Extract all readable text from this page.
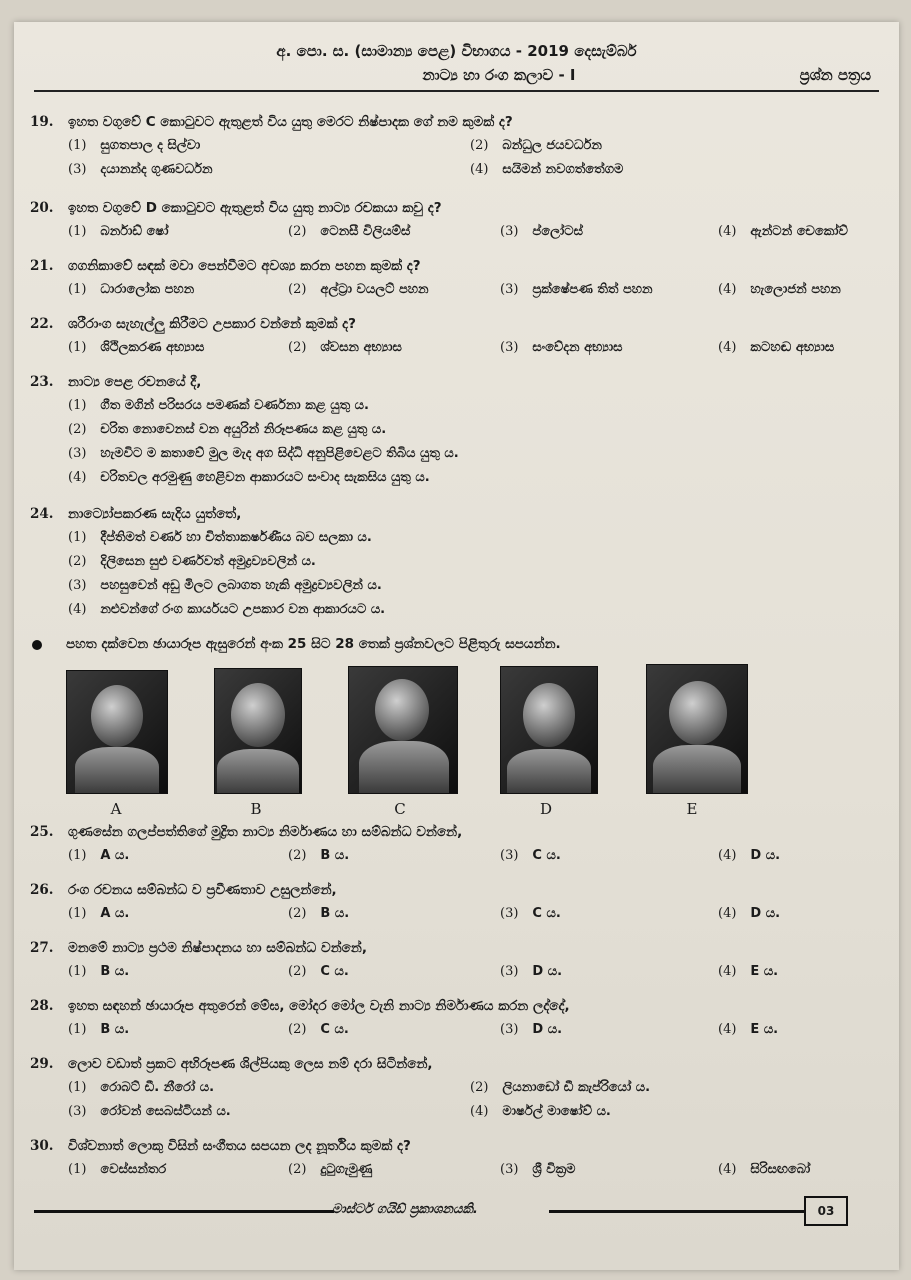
අ. පො. ස. (සාමාන්‍ය පෙළ) විභාගය - 2019 දෙසැම්බර්
නාට්‍ය හා රංග කලාව - I	ප්‍රශ්න පත්‍රය
19. ඉහත වගුවේ C කොටුවට ඇතුළත් විය යුතු මෙරට නිෂ්පාදක ගේ නම කුමක් ද?
(1) සුගතපාල ද සිල්වා	(2) බන්ධුල ජයවර්ධන
(3) දයානන්ද ගුණවර්ධන	(4) සයිමන් නවගත්තේගම
20. ඉහත වගුවේ D කොටුවට ඇතුළත් විය යුතු නාට්‍ය රචකයා කවු ද?
(1) බර්නාඩ් ෂෝ	(2) ටෙනසී විලියම්ස්	(3) ප්ලෝටස්	(4) ඇන්ටන් චෙකෝව්
21. ගගනිකාවේ සඳක් මවා පෙන්වීමට අවශ්‍ය කරන පහන කුමක් ද?
(1) ධාරාලෝක පහන	(2) අල්ට්‍රා වයලට් පහන	(3) ප්‍රක්ෂේපණ තිත් පහන	(4) හැලොජන් පහන
22. ශරීරාංග සැහැල්ලු කිරීමට උපකාර වන්නේ කුමක් ද?
(1) ශිථිලකරණ අභ්‍යාස	(2) ශ්වසන අභ්‍යාස	(3) සංවේදන අභ්‍යාස	(4) කටහඬ අභ්‍යාස
23. නාට්‍ය පෙළ රචනයේ දී,
(1) ගීත මගින් පරිසරය පමණක් වර්ණනා කළ යුතු ය.
(2) චරිත නොවෙනස් වන අයුරින් නිරූපණය කළ යුතු ය.
(3) හැමවිට ම කතාවේ මුල මැද අග සිද්ධි අනුපිළිවෙළට තිබිය යුතු ය.
(4) චරිතවල අරමුණු හෙළිවන ආකාරයට සංවාද සැකසිය යුතු ය.
24. නාට්‍යෝපකරණ සැදිය යුත්තේ,
(1) දීප්තිමත් වර්ණ හා චිත්තාකර්ෂණීය බව සලකා ය.
(2) දිලිසෙන සුළු වර්ණවත් අමුද්‍රව්‍යවලින් ය.
(3) පහසුවෙන් අඩු මිලට ලබාගත හැකි අමුද්‍රව්‍යවලින් ය.
(4) නළුවන්ගේ රංග කාර්යයට උපකාර වන ආකාරයට ය.
පහත දක්වෙන ඡායාරූප ඇසුරෙන් අංක 25 සිට 28 තෙක් ප්‍රශ්නවලට පිළිතුරු සපයන්න.
A	B	C	D	E
25. ගුණසේන ගලප්පත්තිගේ මුද්‍රිත නාට්‍ය නිර්මාණය හා සම්බන්ධ වන්නේ,
(1) A ය.	(2) B ය.	(3) C ය.	(4) D ය.
26. රංග රචනය සම්බන්ධ ව ප්‍රවීණතාව උසුලන්නේ,
(1) A ය.	(2) B ය.	(3) C ය.	(4) D ය.
27. මනමේ නාට්‍ය ප්‍රථම නිෂ්පාදනය හා සම්බන්ධ වන්නේ,
(1) B ය.	(2) C ය.	(3) D ය.	(4) E ය.
28. ඉහත සඳහන් ඡායාරූප අතුරෙන් මේඝ, මෝදර මෝල වැනි නාට්‍ය නිර්මාණය කරන ලද්දේ,
(1) B ය.	(2) C ය.	(3) D ය.	(4) E ය.
29. ලොව වඩාත් ප්‍රකට අභිරූපණ ශිල්පියකු ලෙස නම් දරා සිටින්නේ,
(1) රොබට් ඩී. නීරෝ ය.	(2) ලියනාඩෝ ඩී කැප්රියෝ ය.
(3) රෝවන් සෙබස්ටියන් ය.	(4) මාර්ෂල් මාෂෝව් ය.
30. විශ්වනාත් ලොකු විසින් සංගීතය සපයන ලද නූර්තිය කුමක් ද?
(1) වෙස්සන්තර	(2) දුටුගැමුණු	(3) ශ්‍රී වික්‍රම	(4) සිරිසඟබෝ
මාස්ටර් ගයිඩ් ප්‍රකාශනයකි.	03
